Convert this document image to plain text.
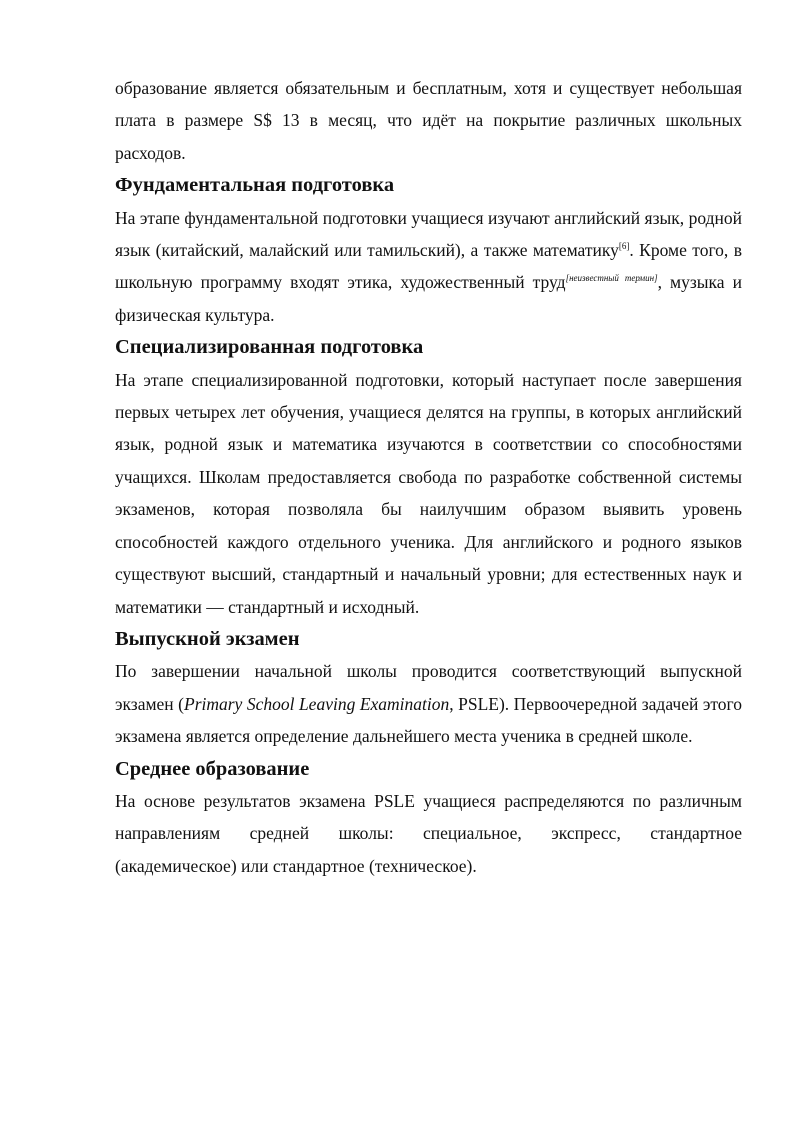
образование является обязательным и бесплатным, хотя и существует небольшая плата в размере S$ 13 в месяц, что идёт на покрытие различных школьных расходов.

Фундаментальная подготовка

На этапе фундаментальной подготовки учащиеся изучают английский язык, родной язык (китайский, малайский или тамильский), а также математику[6]. Кроме того, в школьную программу входят этика, художественный труд[неизвестный термин], музыка и физическая культура.

Специализированная подготовка

На этапе специализированной подготовки, который наступает после завершения первых четырех лет обучения, учащиеся делятся на группы, в которых английский язык, родной язык и математика изучаются в соответствии со способностями учащихся. Школам предоставляется свобода по разработке собственной системы экзаменов, которая позволяла бы наилучшим образом выявить уровень способностей каждого отдельного ученика. Для английского и родного языков существуют высший, стандартный и начальный уровни; для естественных наук и математики — стандартный и исходный.

Выпускной экзамен

По завершении начальной школы проводится соответствующий выпускной экзамен (Primary School Leaving Examination, PSLE). Первоочередной задачей этого экзамена является определение дальнейшего места ученика в средней школе.

Среднее образование

На основе результатов экзамена PSLE учащиеся распределяются по различным направлениям средней школы: специальное, экспресс, стандартное (академическое) или стандартное (техническое).
